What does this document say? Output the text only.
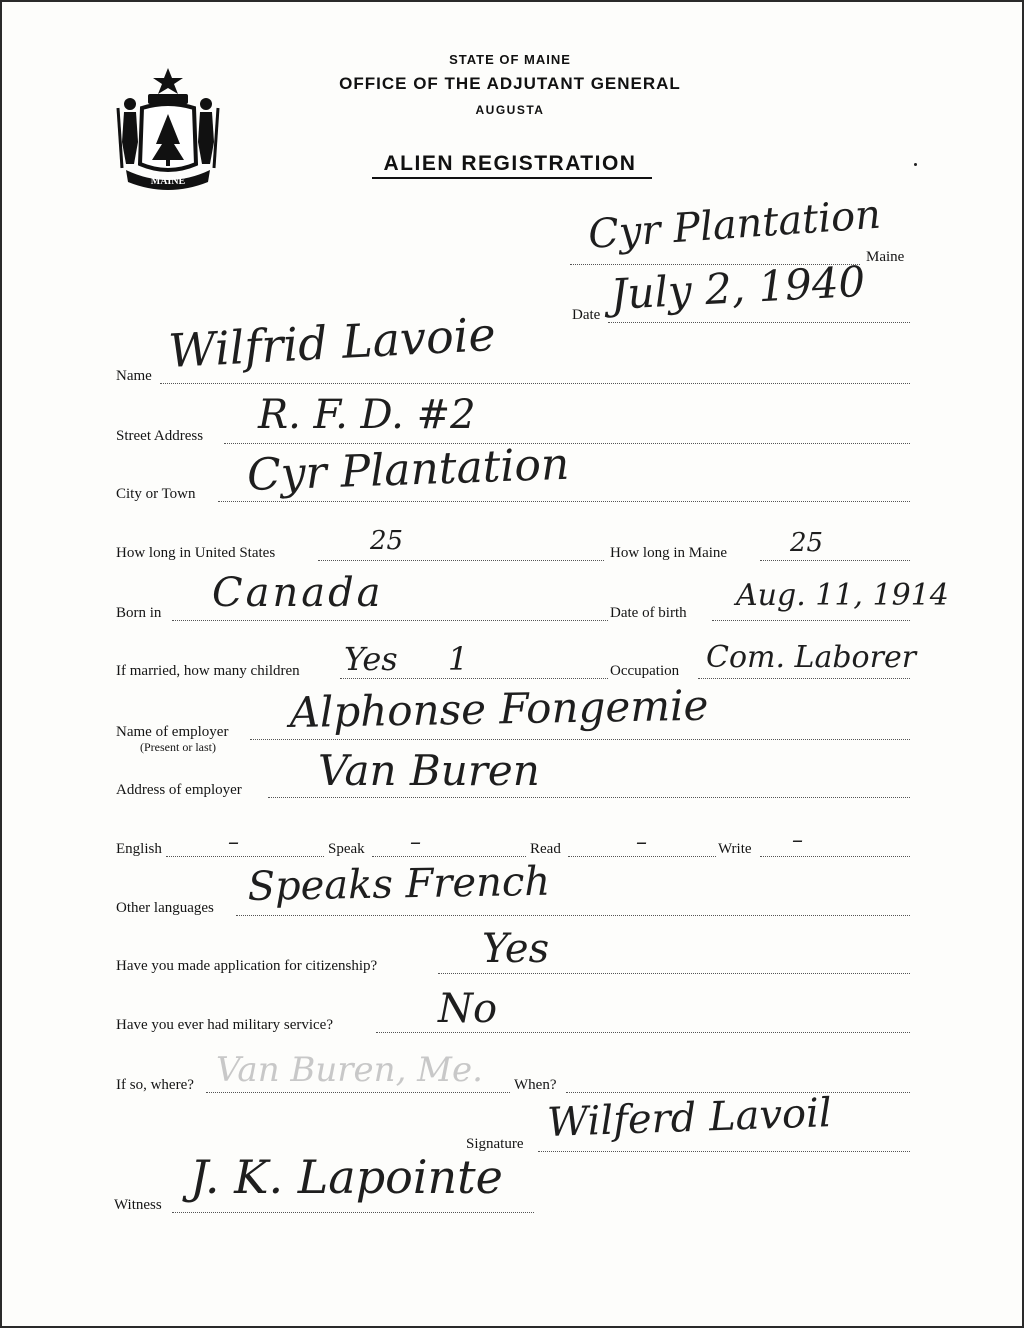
MAINE
STATE OF MAINE
OFFICE OF THE ADJUTANT GENERAL
AUGUSTA
ALIEN REGISTRATION
Cyr Plantation
Maine
Date July 2, 1940
Name Wilfrid Lavoie
Street Address R. F. D. #2
City or Town Cyr Plantation
How long in United States	25	How long in Maine 25
Born in Canada	Date of birth Aug. 11, 1914
If married, how many children Yes 1	Occupation Com. Laborer
Name of employer
(Present or last)
Alphonse Fongemie
Address of employer Van Buren
English	–	Speak –	Read	–	Write –
Other languages Speaks French
Have you made application for citizenship?	Yes
Have you ever had military service?	No
If so, where? Van Buren, Me. When?
Signature Wilferd Lavoil
Witness
J. K. Lapointe
